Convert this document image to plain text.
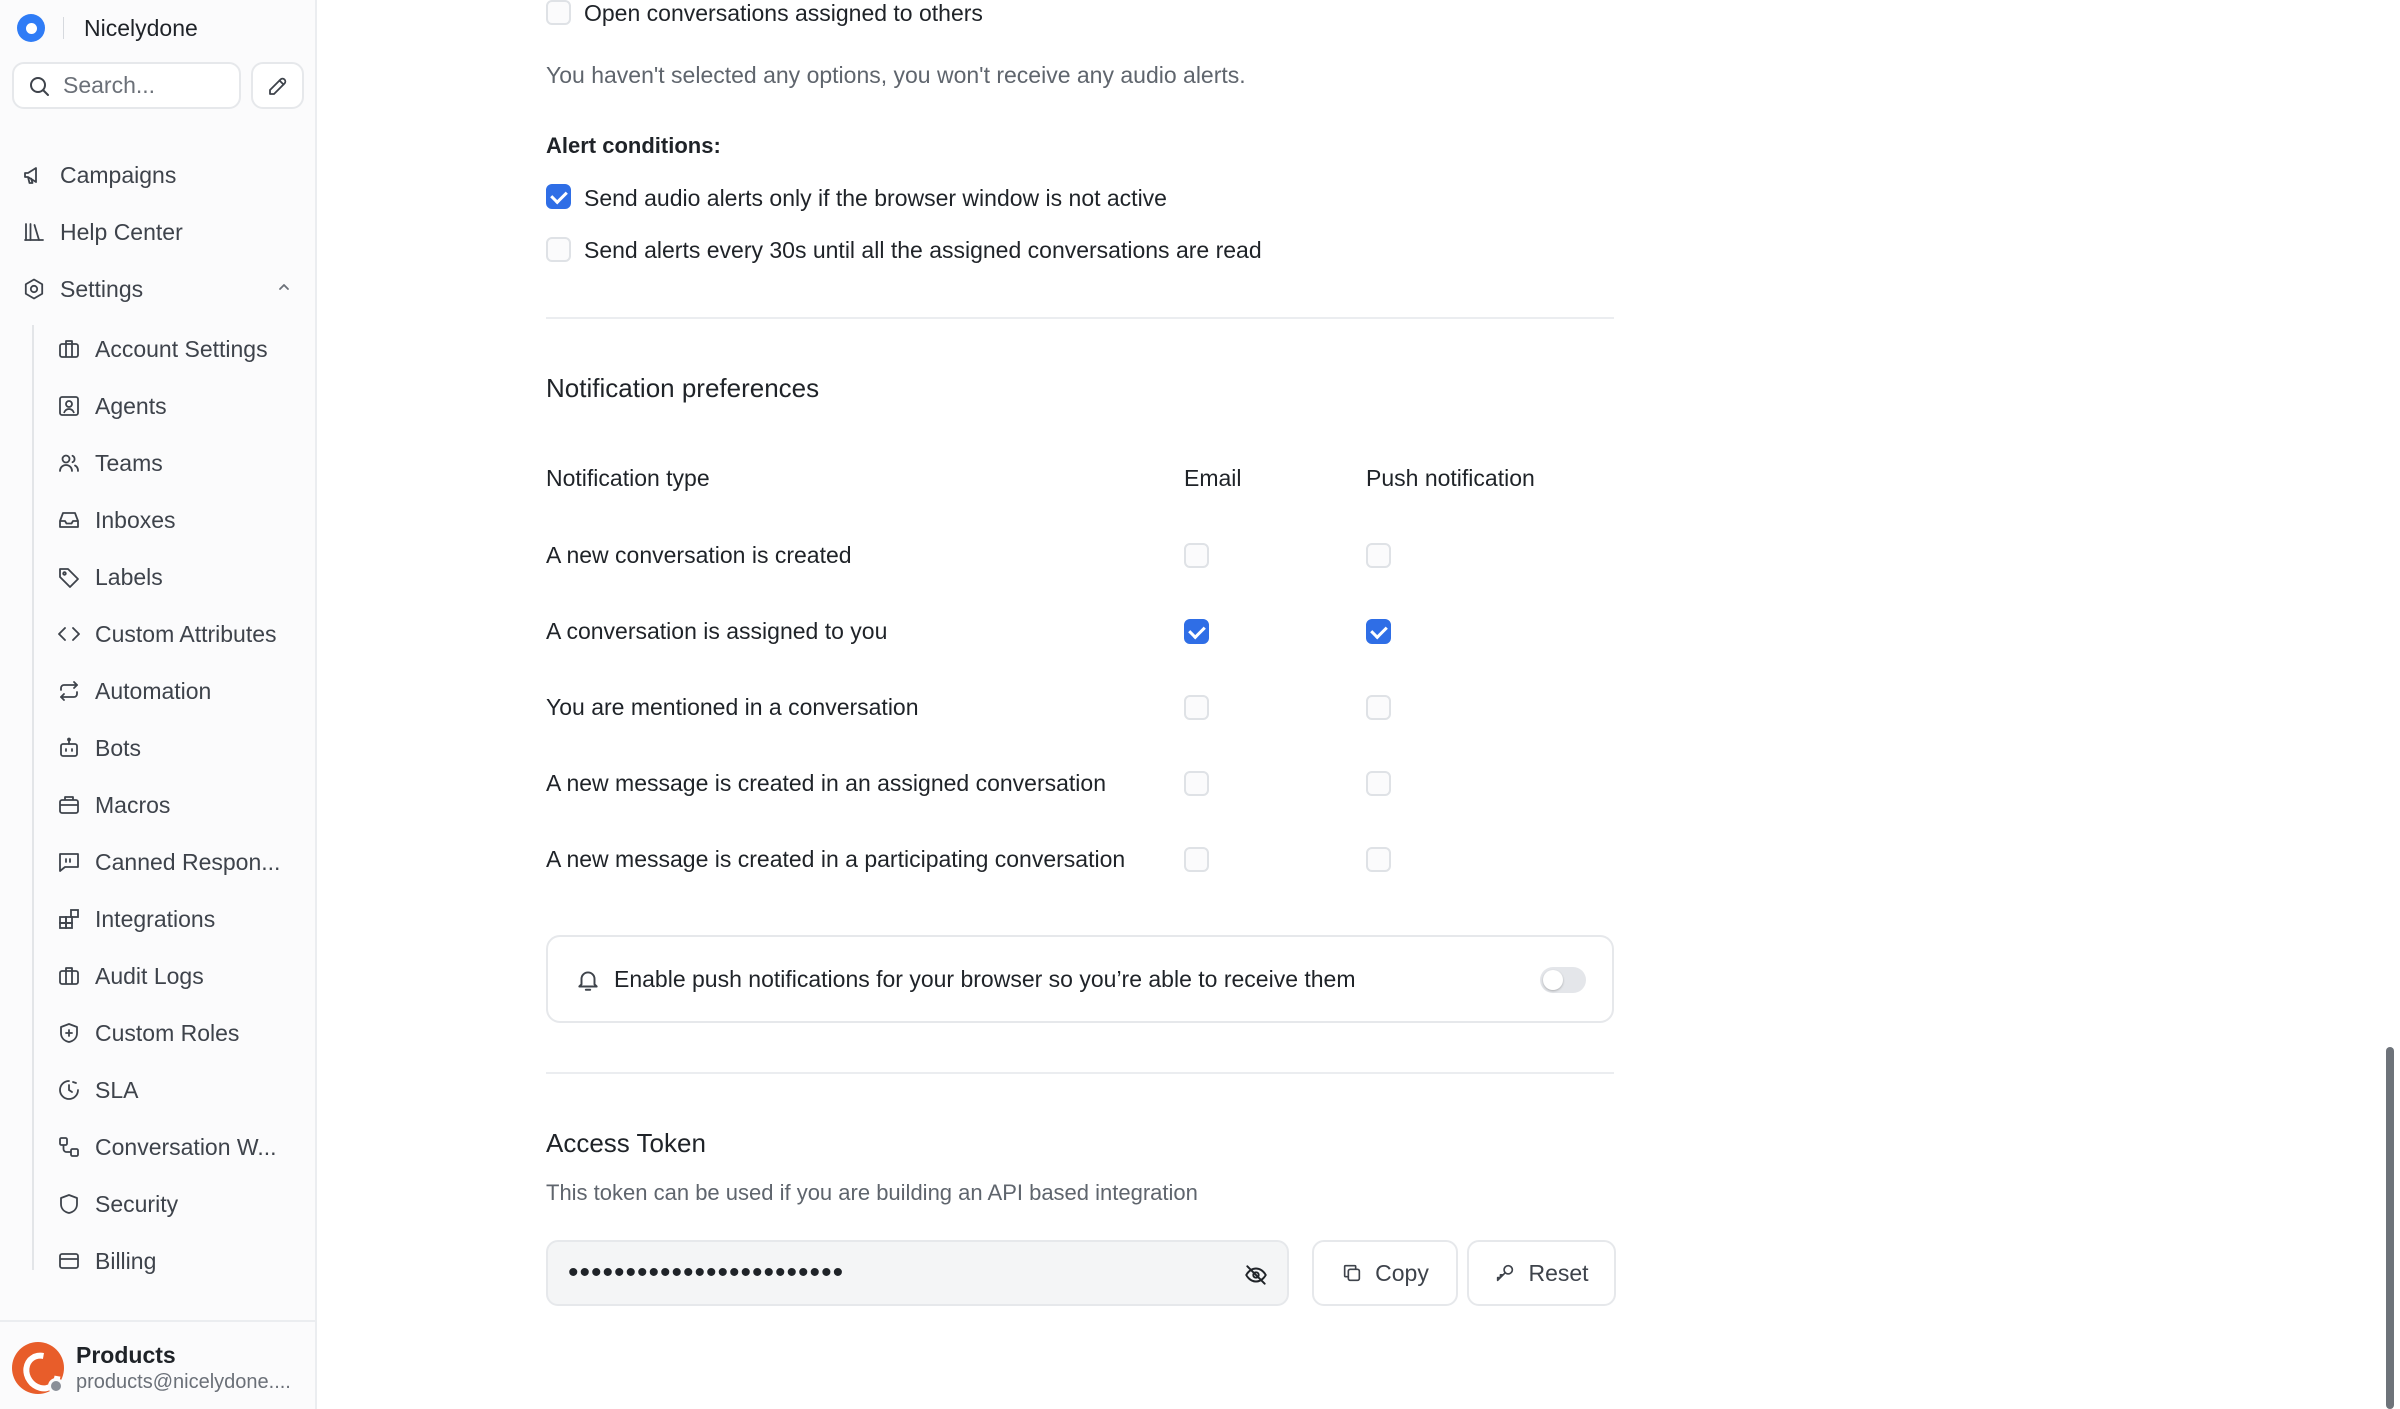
Nicelydone
Search...
Campaigns
Help Center
Settings
Account Settings
Agents
Teams
Inboxes
Labels
Custom Attributes
Automation
Bots
Macros
Canned Respon...
Integrations
Audit Logs
Custom Roles
SLA
Conversation W...
Security
Billing
Products
products@nicelydone....
Open conversations assigned to others
You haven't selected any options, you won't receive any audio alerts.
Alert conditions:
Send audio alerts only if the browser window is not active
Send alerts every 30s until all the assigned conversations are read
Notification preferences
Notification type	Email	Push notification
A new conversation is created
A conversation is assigned to you
You are mentioned in a conversation
A new message is created in an assigned conversation
A new message is created in a participating conversation
Enable push notifications for your browser so you’re able to receive them
Access Token
This token can be used if you are building an API based integration
••••••••••••••••••••••••	Copy	Reset
